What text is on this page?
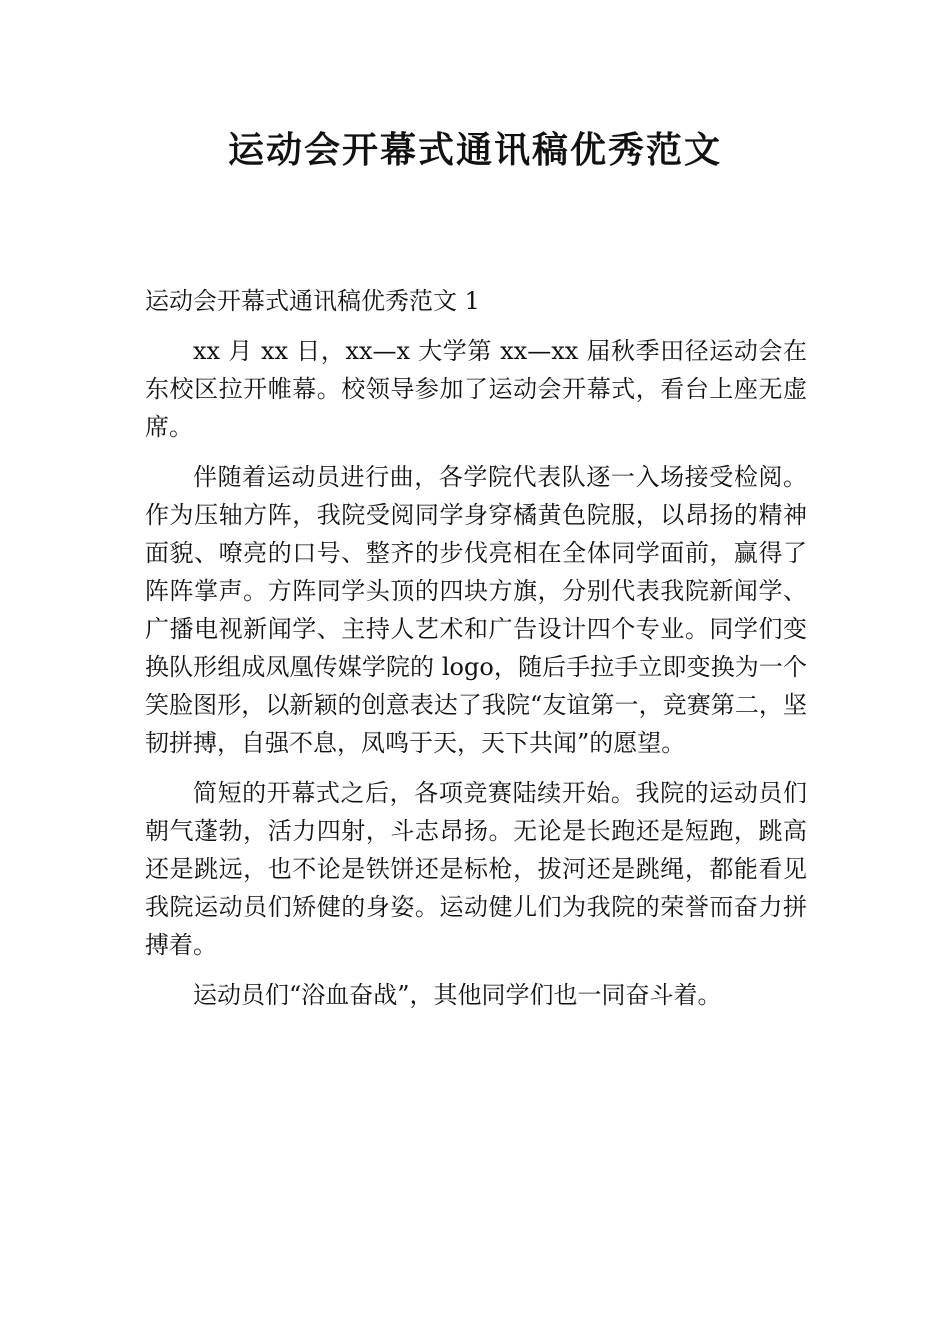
运动会开幕式通讯稿优秀范文

运动会开幕式通讯稿优秀范文 1

xx 月 xx 日，xx—x 大学第 xx—xx 届秋季田径运动会在东校区拉开帷幕。校领导参加了运动会开幕式，看台上座无虚席。

伴随着运动员进行曲，各学院代表队逐一入场接受检阅。作为压轴方阵，我院受阅同学身穿橘黄色院服，以昂扬的精神面貌、嘹亮的口号、整齐的步伐亮相在全体同学面前，赢得了阵阵掌声。方阵同学头顶的四块方旗，分别代表我院新闻学、广播电视新闻学、主持人艺术和广告设计四个专业。同学们变换队形组成凤凰传媒学院的 logo，随后手拉手立即变换为一个笑脸图形，以新颖的创意表达了我院“友谊第一，竞赛第二，坚韧拼搏，自强不息，凤鸣于天，天下共闻”的愿望。

简短的开幕式之后，各项竞赛陆续开始。我院的运动员们朝气蓬勃，活力四射，斗志昂扬。无论是长跑还是短跑，跳高还是跳远，也不论是铁饼还是标枪，拔河还是跳绳，都能看见我院运动员们矫健的身姿。运动健儿们为我院的荣誉而奋力拼搏着。

运动员们“浴血奋战”，其他同学们也一同奋斗着。
